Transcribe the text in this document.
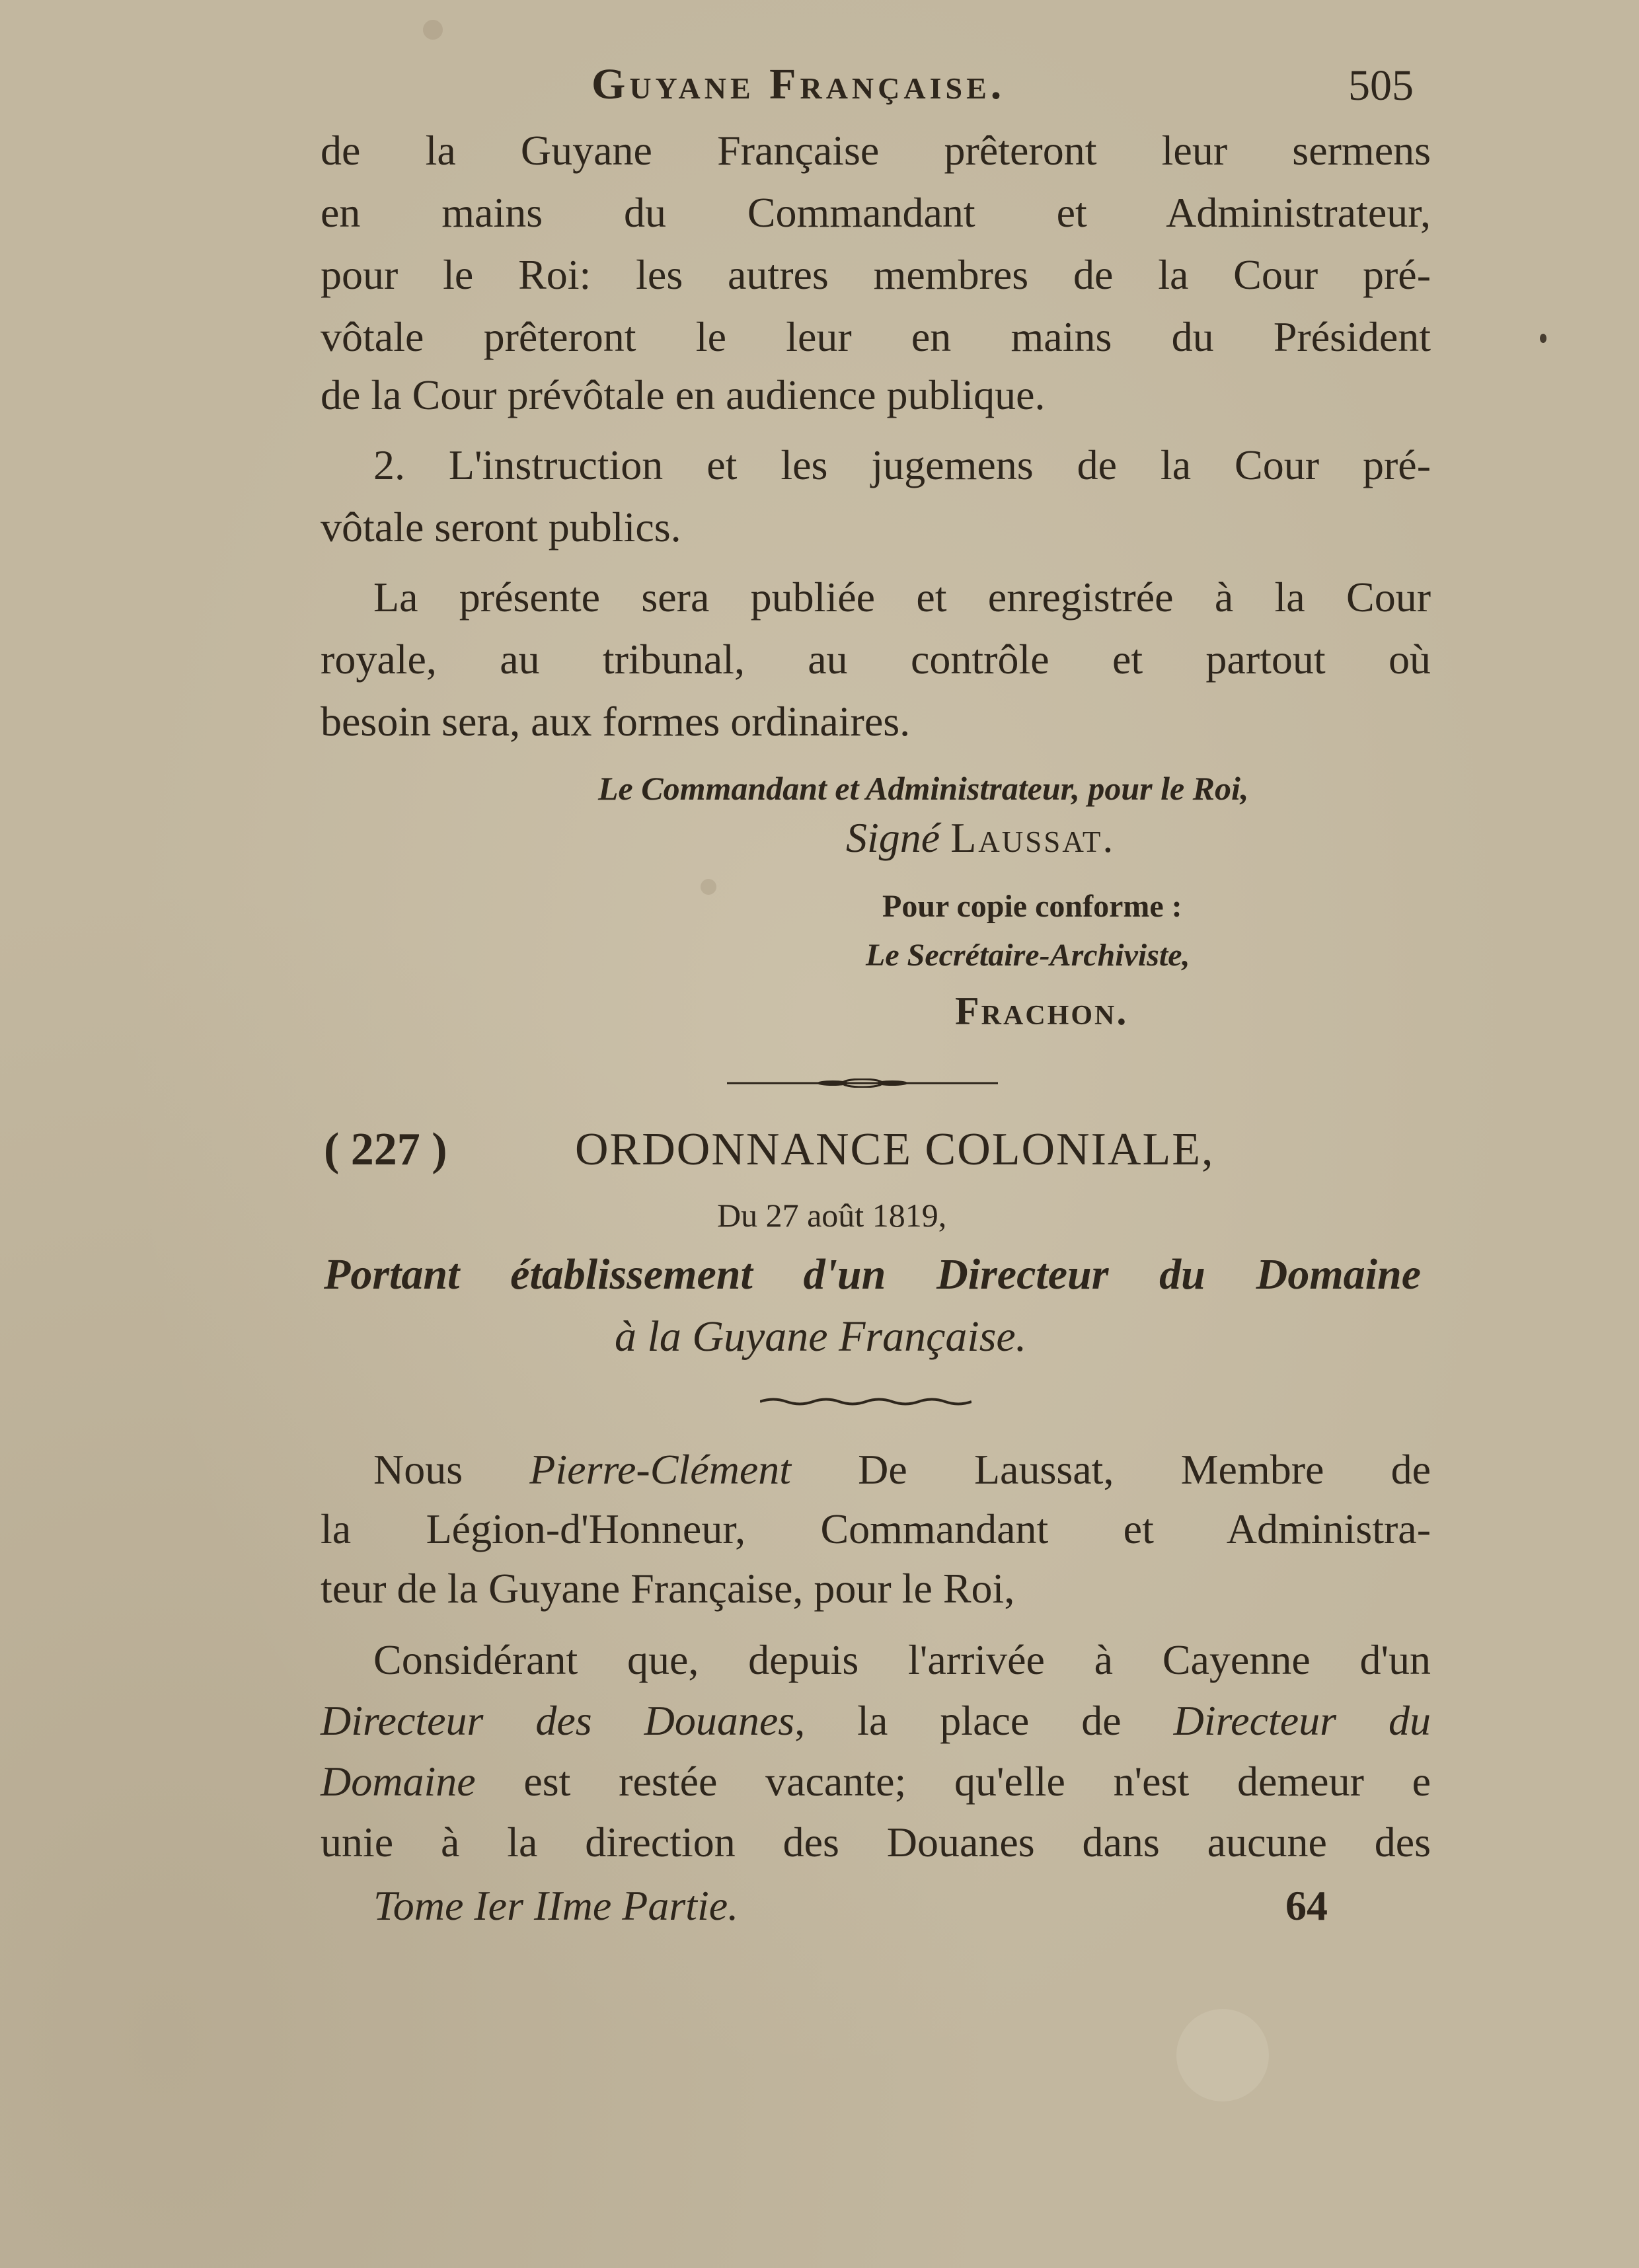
Guyane Française.	505
de la Guyane Française prêteront leur sermens
en mains du Commandant et Administrateur,
pour le Roi: les autres membres de la Cour pré-
vôtale prêteront le leur en mains du Président
de la Cour prévôtale en audience publique.
2. L'instruction et les jugemens de la Cour pré-
vôtale seront publics.
La présente sera publiée et enregistrée à la Cour
royale, au tribunal, au contrôle et partout où
besoin sera, aux formes ordinaires.
Le Commandant et Administrateur, pour le Roi,
Signé Laussat.
Pour copie conforme :
Le Secrétaire-Archiviste,
Frachon.
( 227 )	ORDONNANCE COLONIALE,
Du 27 août 1819,
Portant établissement d'un Directeur du Domaine
à la Guyane Française.
Nous Pierre-Clément De Laussat, Membre de
la Légion-d'Honneur, Commandant et Administra-
teur de la Guyane Française, pour le Roi,
Considérant que, depuis l'arrivée à Cayenne d'un
Directeur des Douanes, la place de Directeur du
Domaine est restée vacante; qu'elle n'est demeur e
unie à la direction des Douanes dans aucune des
Tome Ier IIme Partie.	64
